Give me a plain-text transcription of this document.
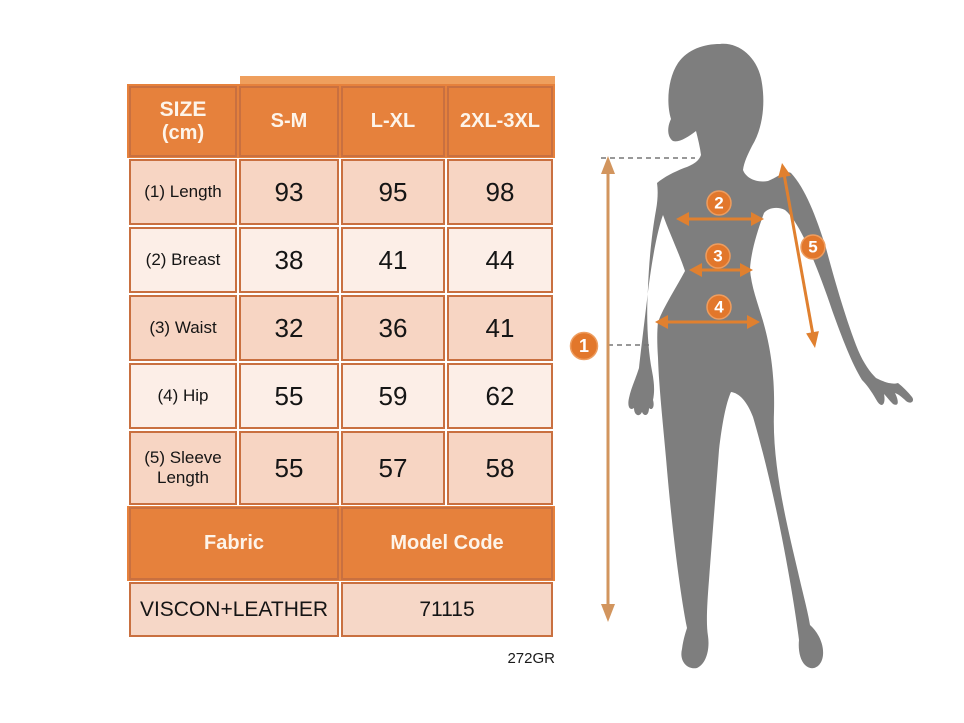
SIZE
(cm)	S-M	L-XL	2XL-3XL
(1) Length	93	95	98
(2) Breast	38	41	44
(3) Waist	32	36	41
(4) Hip	55	59	62
(5) Sleeve Length	55	57	58
Fabric		Model Code	
VISCON+LEATHER		71115	
272GR
1
2
3
4
5
